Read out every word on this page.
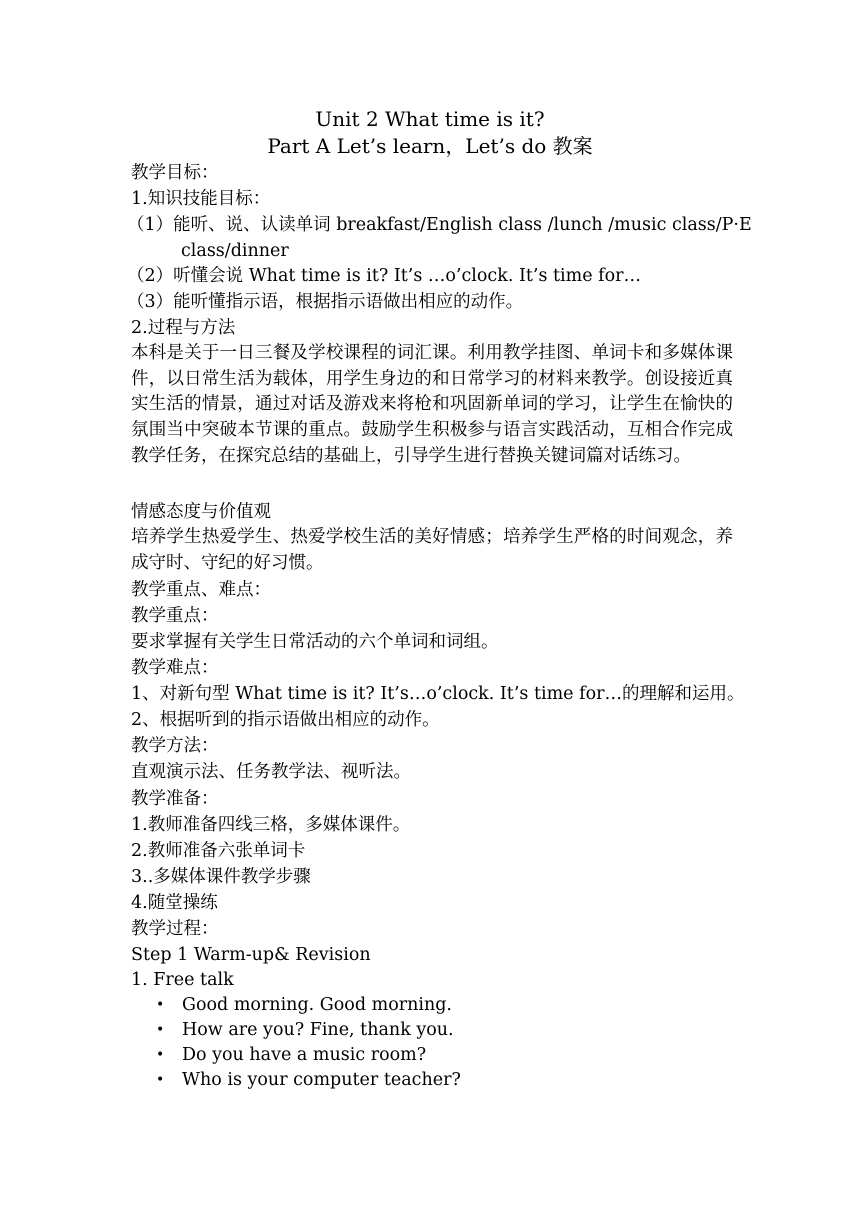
Unit 2 What time is it?
Part A Let’s learn，Let’s do 教案
教学目标：
1.知识技能目标：
（1）能听、说、认读单词 breakfast/English class /lunch /music class/P·E
class/dinner
（2）听懂会说 What time is it? It’s …o’clock. It’s time for…
（3）能听懂指示语，根据指示语做出相应的动作。
2.过程与方法
本科是关于一日三餐及学校课程的词汇课。利用教学挂图、单词卡和多媒体课件，以日常生活为载体，用学生身边的和日常学习的材料来教学。创设接近真实生活的情景，通过对话及游戏来将枪和巩固新单词的学习，让学生在愉快的氛围当中突破本节课的重点。鼓励学生积极参与语言实践活动，互相合作完成教学任务，在探究总结的基础上，引导学生进行替换关键词篇对话练习。
情感态度与价值观
培养学生热爱学生、热爱学校生活的美好情感；培养学生严格的时间观念，养成守时、守纪的好习惯。
教学重点、难点：
教学重点：
要求掌握有关学生日常活动的六个单词和词组。
教学难点：
1、对新句型 What time is it? It’s…o’clock. It’s time for…的理解和运用。
2、根据听到的指示语做出相应的动作。
教学方法：
直观演示法、任务教学法、视听法。
教学准备：
1.教师准备四线三格，多媒体课件。
2.教师准备六张单词卡
3..多媒体课件教学步骤
4.随堂操练
教学过程：
Step 1 Warm-up& Revision
1. Free talk
• Good morning. Good morning.
• How are you? Fine, thank you.
• Do you have a music room?
• Who is your computer teacher?
